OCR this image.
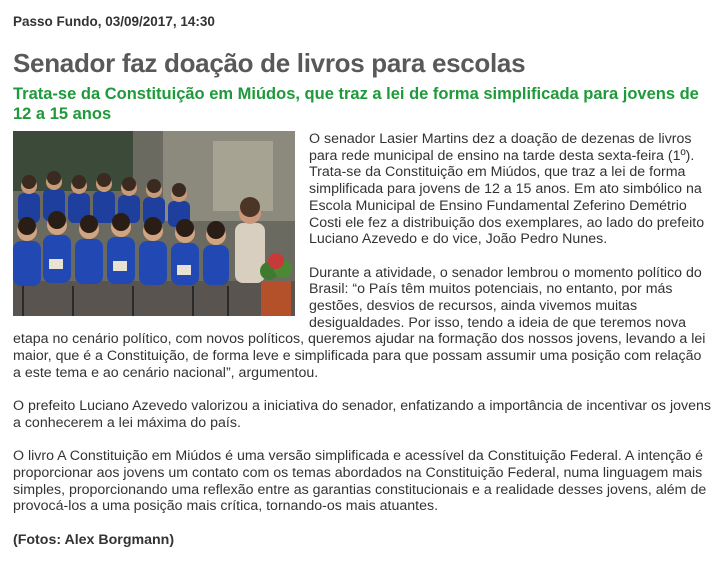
Passo Fundo, 03/09/2017, 14:30
Senador faz doação de livros para escolas
Trata-se da Constituição em Miúdos, que traz a lei de forma simplificada para jovens de 12 a 15 anos

O senador Lasier Martins dez a doação de dezenas de livros para rede municipal de ensino na tarde desta sexta-feira (1º). Trata-se da Constituição em Miúdos, que traz a lei de forma simplificada para jovens de 12 a 15 anos. Em ato simbólico na Escola Municipal de Ensino Fundamental Zeferino Demétrio Costi ele fez a distribuição dos exemplares, ao lado do prefeito Luciano Azevedo e do vice, João Pedro Nunes.

Durante a atividade, o senador lembrou o momento político do Brasil: “o País têm muitos potenciais, no entanto, por más gestões, desvios de recursos, ainda vivemos muitas desigualdades. Por isso, tendo a ideia de que teremos nova etapa no cenário político, com novos políticos, queremos ajudar na formação dos nossos jovens, levando a lei maior, que é a Constituição, de forma leve e simplificada para que possam assumir uma posição com relação a este tema e ao cenário nacional”, argumentou.

O prefeito Luciano Azevedo valorizou a iniciativa do senador, enfatizando a importância de incentivar os jovens a conhecerem a lei máxima do país.

O livro A Constituição em Miúdos é uma versão simplificada e acessível da Constituição Federal. A intenção é proporcionar aos jovens um contato com os temas abordados na Constituição Federal, numa linguagem mais simples, proporcionando uma reflexão entre as garantias constitucionais e a realidade desses jovens, além de provocá-los a uma posição mais crítica, tornando-os mais atuantes.

(Fotos: Alex Borgmann)
